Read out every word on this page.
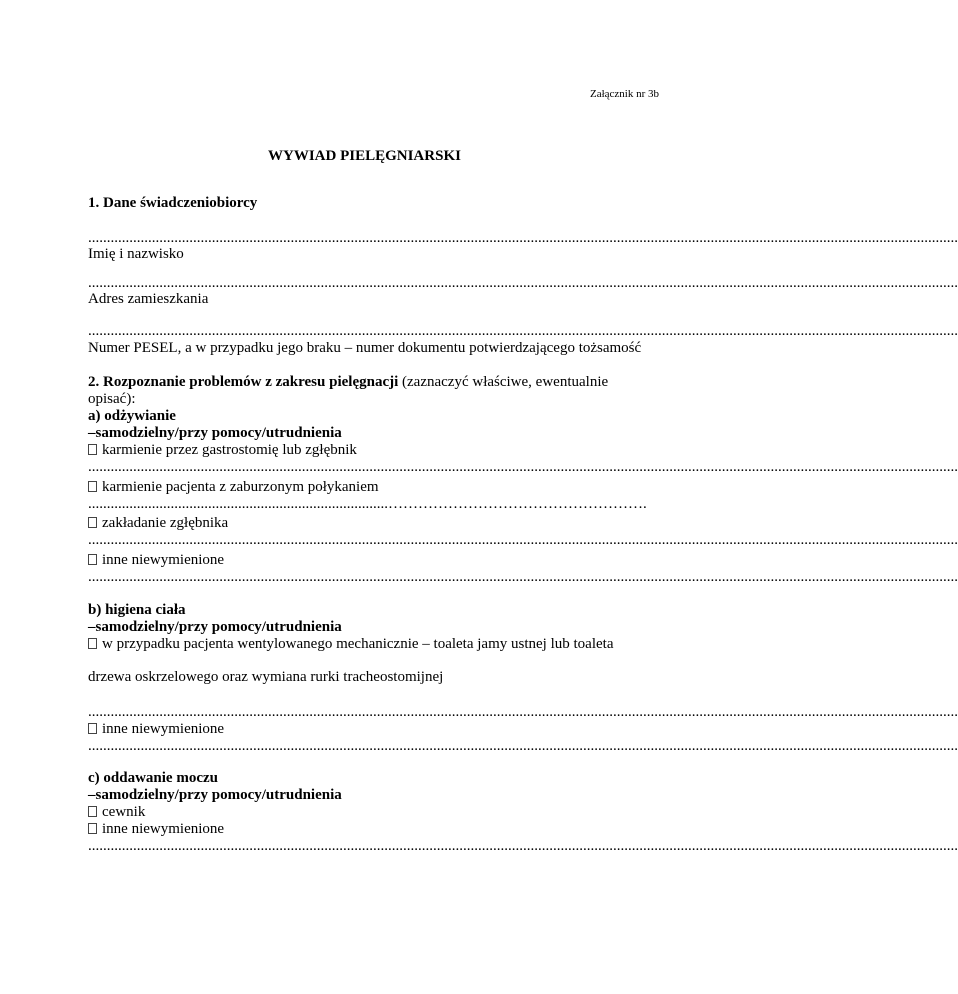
Załącznik nr 3b
WYWIAD PIELĘGNIARSKI
1. Dane świadczeniobiorcy
........................................................................................................................................................................................................................................
Imię i nazwisko
........................................................................................................................................................................................................................................
Adres zamieszkania
........................................................................................................................................................................................................................................
Numer PESEL, a w przypadku jego braku – numer dokumentu potwierdzającego tożsamość
2. Rozpoznanie problemów z zakresu pielęgnacji (zaznaczyć właściwe, ewentualnie
opisać):
a) odżywianie
–samodzielny/przy pomocy/utrudnienia
karmienie przez gastrostomię lub zgłębnik
........................................................................................................................................................................................................................................
karmienie pacjenta z zaburzonym połykaniem
................................................................................…………………………………………….
zakładanie zgłębnika
........................................................................................................................................................................................................................................
inne niewymienione
........................................................................................................................................................................................................................................
b) higiena ciała
–samodzielny/przy pomocy/utrudnienia
w przypadku pacjenta wentylowanego mechanicznie – toaleta jamy ustnej lub toaleta
drzewa oskrzelowego oraz wymiana rurki tracheostomijnej
........................................................................................................................................................................................................................................
inne niewymienione
........................................................................................................................................................................................................................................
c) oddawanie moczu
–samodzielny/przy pomocy/utrudnienia
cewnik
inne niewymienione
........................................................................................................................................................................................................................................
